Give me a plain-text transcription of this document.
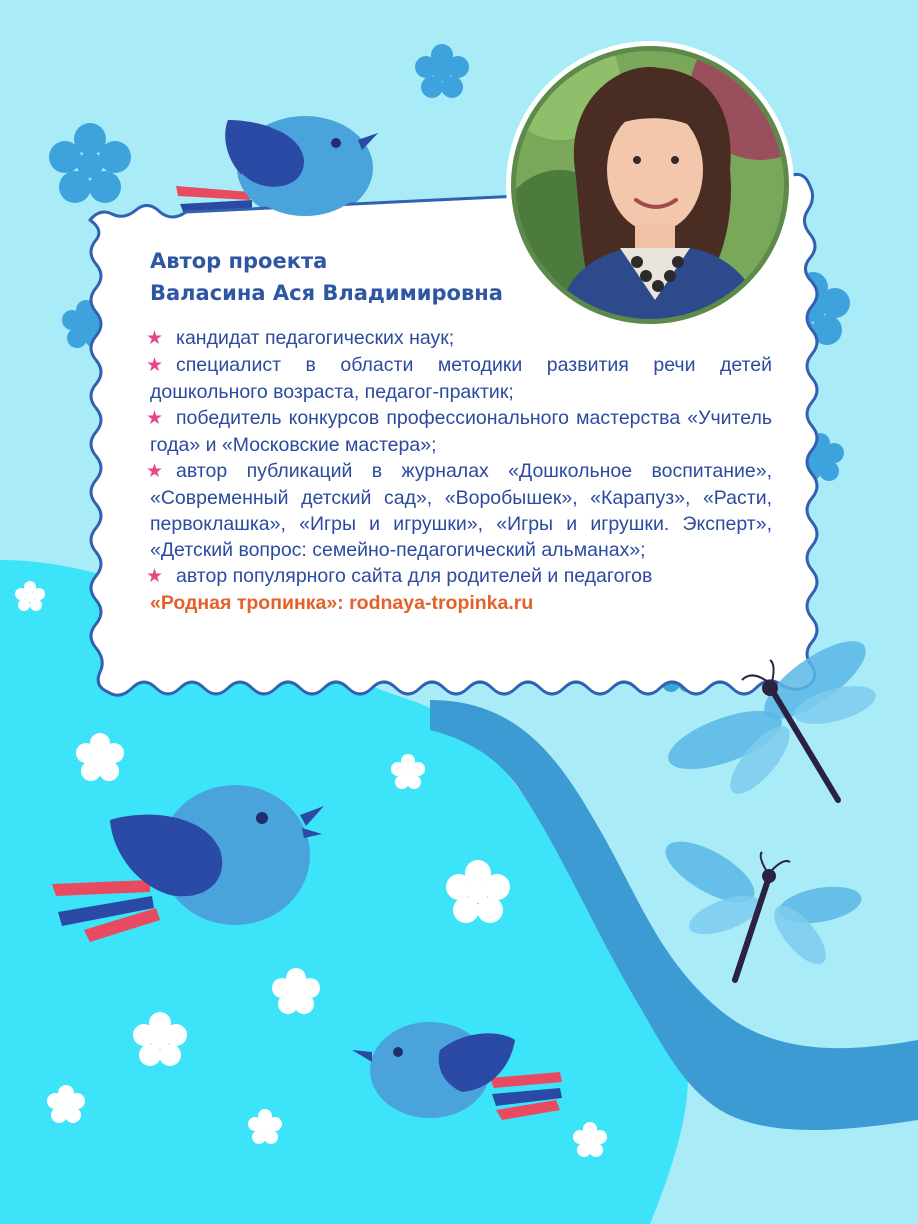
Автор проекта

Валасина Ася Владимировна

★ кандидат педагогических наук;
★ специалист в области методики развития речи детей дошкольного возраста, педагог-практик;
★ победитель конкурсов профессионального мастерства «Учитель года» и «Московские мастера»;
★ автор публикаций в журналах «Дошкольное воспитание», «Современный детский сад», «Воробышек», «Карапуз», «Расти, первоклашка», «Игры и игрушки», «Игры и игрушки. Эксперт», «Детский вопрос: семейно-педагогический альманах»;
★ автор популярного сайта для родителей и педагогов

«Родная тропинка»: rodnaya-tropinka.ru
